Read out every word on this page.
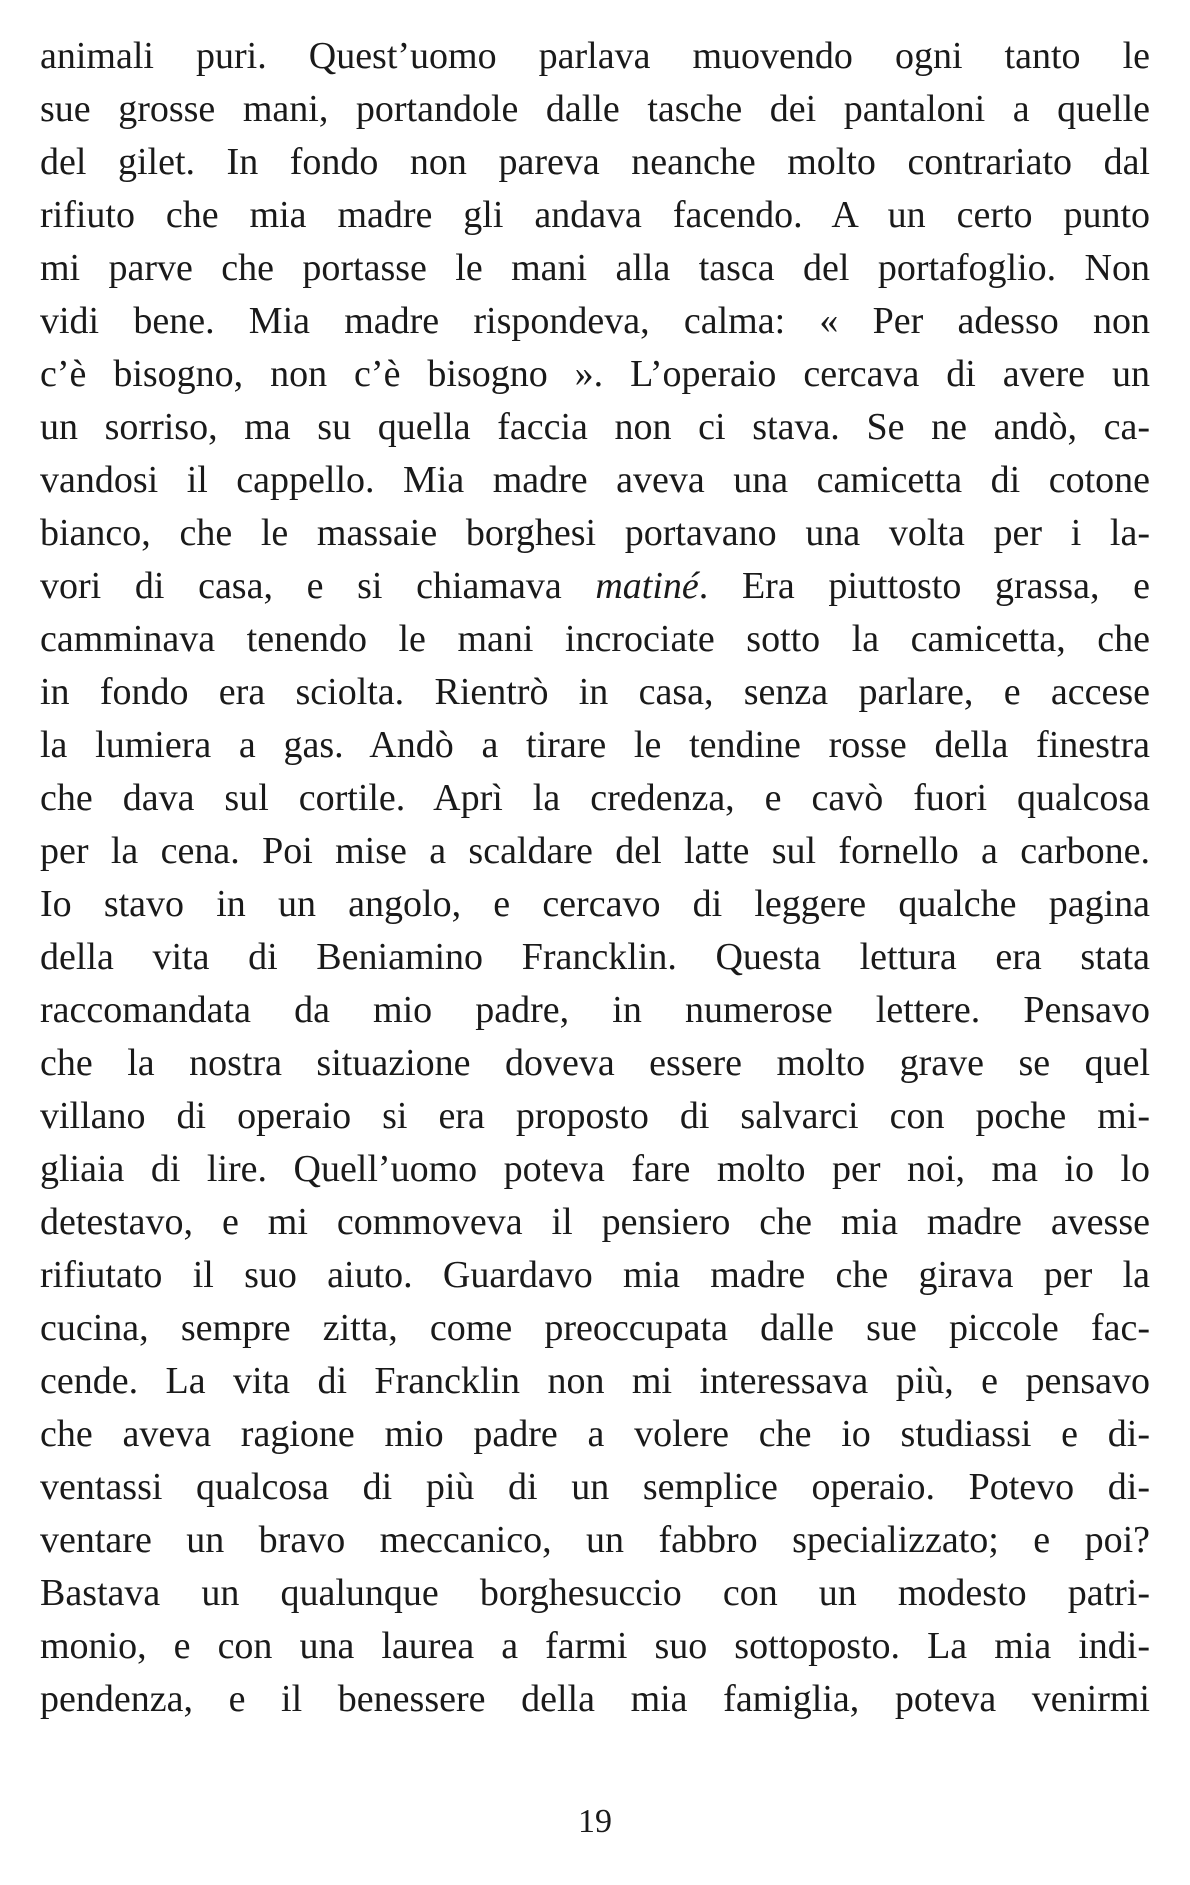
animali puri. Quest’uomo parlava muovendo ogni tanto le
sue grosse mani, portandole dalle tasche dei pantaloni a quelle
del gilet. In fondo non pareva neanche molto contrariato dal
rifiuto che mia madre gli andava facendo. A un certo punto
mi parve che portasse le mani alla tasca del portafoglio. Non
vidi bene. Mia madre rispondeva, calma: « Per adesso non
c’è bisogno, non c’è bisogno ». L’operaio cercava di avere un
un sorriso, ma su quella faccia non ci stava. Se ne andò, ca-
vandosi il cappello. Mia madre aveva una camicetta di cotone
bianco, che le massaie borghesi portavano una volta per i la-
vori di casa, e si chiamava matiné. Era piuttosto grassa, e
camminava tenendo le mani incrociate sotto la camicetta, che
in fondo era sciolta. Rientrò in casa, senza parlare, e accese
la lumiera a gas. Andò a tirare le tendine rosse della finestra
che dava sul cortile. Aprì la credenza, e cavò fuori qualcosa
per la cena. Poi mise a scaldare del latte sul fornello a carbone.
Io stavo in un angolo, e cercavo di leggere qualche pagina
della vita di Beniamino Francklin. Questa lettura era stata
raccomandata da mio padre, in numerose lettere. Pensavo
che la nostra situazione doveva essere molto grave se quel
villano di operaio si era proposto di salvarci con poche mi-
gliaia di lire. Quell’uomo poteva fare molto per noi, ma io lo
detestavo, e mi commoveva il pensiero che mia madre avesse
rifiutato il suo aiuto. Guardavo mia madre che girava per la
cucina, sempre zitta, come preoccupata dalle sue piccole fac-
cende. La vita di Francklin non mi interessava più, e pensavo
che aveva ragione mio padre a volere che io studiassi e di-
ventassi qualcosa di più di un semplice operaio. Potevo di-
ventare un bravo meccanico, un fabbro specializzato; e poi?
Bastava un qualunque borghesuccio con un modesto patri-
monio, e con una laurea a farmi suo sottoposto. La mia indi-
pendenza, e il benessere della mia famiglia, poteva venirmi
19
